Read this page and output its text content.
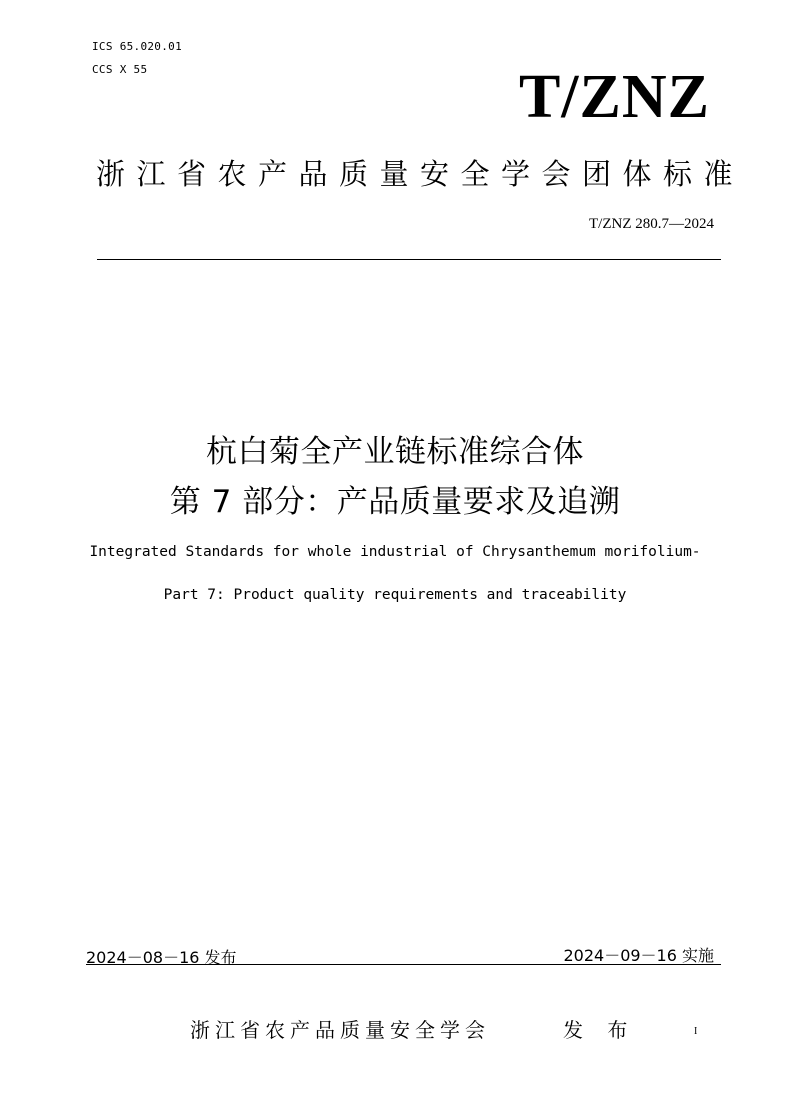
ICS 65.020.01
CCS X 55	T/ZNZ
浙江省农产品质量安全学会团体标准
T/ZNZ 280.7—2024
杭白菊全产业链标准综合体
第 7 部分：产品质量要求及追溯
Integrated Standards for whole industrial of Chrysanthemum morifolium-
Part 7: Product quality requirements and traceability
2024－08－16 发布	2024－09－16 实施
浙江省农产品质量安全学会	发 布	I
